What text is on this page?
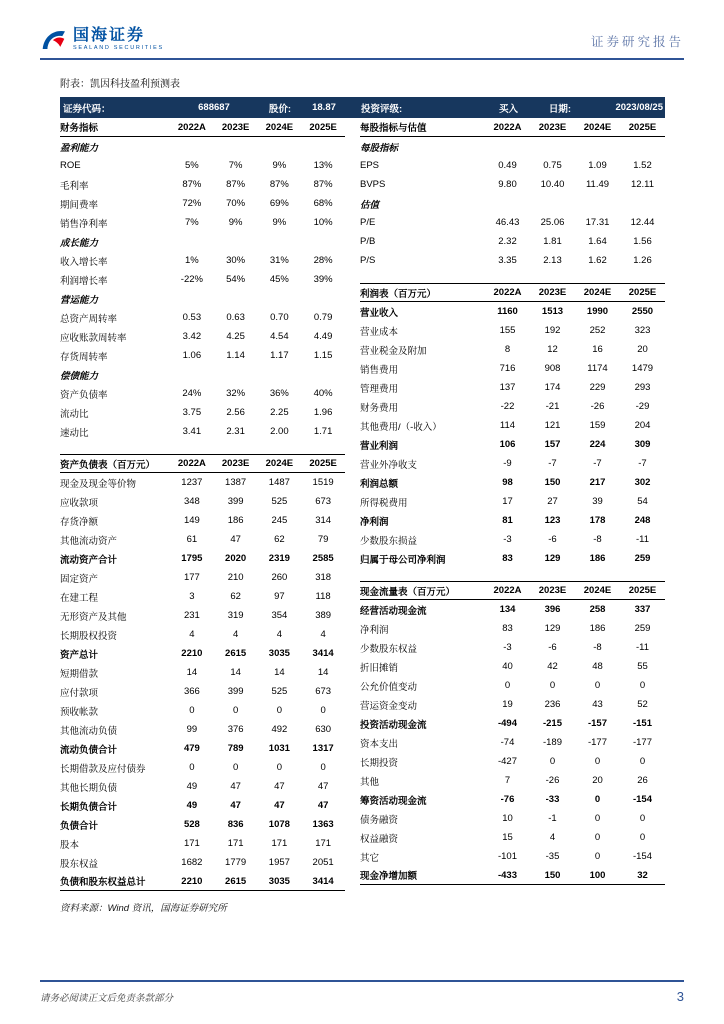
国海证券
SEALAND SECURITIES	证券研究报告
附表：凯因科技盈利预测表
证券代码：	688687	股价:	18.87	投资评级:	买入	日期:	2023/08/25
财务指标	2022A	2023E	2024E	2025E
盈利能力
ROE	5%	7%	9%	13%
毛利率	87%	87%	87%	87%
期间费率	72%	70%	69%	68%
销售净利率	7%	9%	9%	10%
成长能力
收入增长率	1%	30%	31%	28%
利润增长率	-22%	54%	45%	39%
营运能力
总资产周转率	0.53	0.63	0.70	0.79
应收账款周转率	3.42	4.25	4.54	4.49
存货周转率	1.06	1.14	1.17	1.15
偿债能力
资产负债率	24%	32%	36%	40%
流动比	3.75	2.56	2.25	1.96
速动比	3.41	2.31	2.00	1.71
资产负债表（百万元）	2022A	2023E	2024E	2025E
现金及现金等价物	1237	1387	1487	1519
应收款项	348	399	525	673
存货净额	149	186	245	314
其他流动资产	61	47	62	79
流动资产合计	1795	2020	2319	2585
固定资产	177	210	260	318
在建工程	3	62	97	118
无形资产及其他	231	319	354	389
长期股权投资	4	4	4	4
资产总计	2210	2615	3035	3414
短期借款	14	14	14	14
应付款项	366	399	525	673
预收帐款	0	0	0	0
其他流动负债	99	376	492	630
流动负债合计	479	789	1031	1317
长期借款及应付债券	0	0	0	0
其他长期负债	49	47	47	47
长期负债合计	49	47	47	47
负债合计	528	836	1078	1363
股本	171	171	171	171
股东权益	1682	1779	1957	2051
负债和股东权益总计	2210	2615	3035	3414
每股指标与估值	2022A	2023E	2024E	2025E
每股指标
EPS	0.49	0.75	1.09	1.52
BVPS	9.80	10.40	11.49	12.11
估值
P/E	46.43	25.06	17.31	12.44
P/B	2.32	1.81	1.64	1.56
P/S	3.35	2.13	1.62	1.26
利润表（百万元）	2022A	2023E	2024E	2025E
营业收入	1160	1513	1990	2550
营业成本	155	192	252	323
营业税金及附加	8	12	16	20
销售费用	716	908	1174	1479
管理费用	137	174	229	293
财务费用	-22	-21	-26	-29
其他费用/（-收入）	114	121	159	204
营业利润	106	157	224	309
营业外净收支	-9	-7	-7	-7
利润总额	98	150	217	302
所得税费用	17	27	39	54
净利润	81	123	178	248
少数股东损益	-3	-6	-8	-11
归属于母公司净利润	83	129	186	259
现金流量表（百万元）	2022A	2023E	2024E	2025E
经营活动现金流	134	396	258	337
净利润	83	129	186	259
少数股东权益	-3	-6	-8	-11
折旧摊销	40	42	48	55
公允价值变动	0	0	0	0
营运资金变动	19	236	43	52
投资活动现金流	-494	-215	-157	-151
资本支出	-74	-189	-177	-177
长期投资	-427	0	0	0
其他	7	-26	20	26
筹资活动现金流	-76	-33	0	-154
债务融资	10	-1	0	0
权益融资	15	4	0	0
其它	-101	-35	0	-154
现金净增加额	-433	150	100	32
资料来源：Wind 资讯，国海证券研究所
请务必阅读正文后免责条款部分	3
